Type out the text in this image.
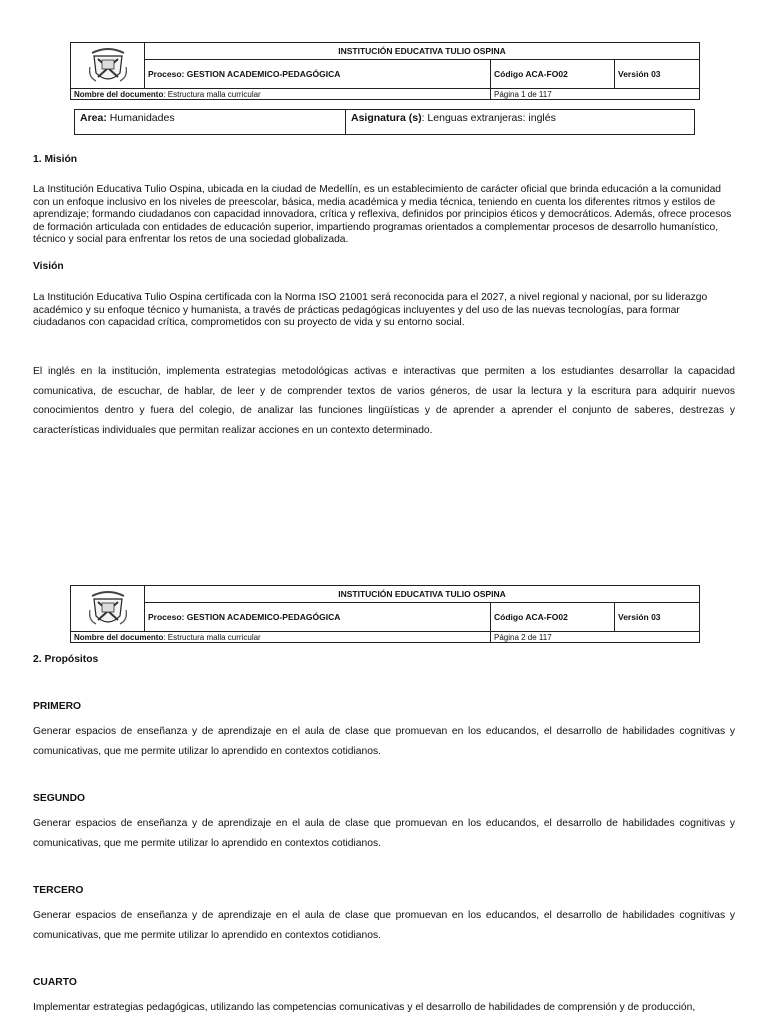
	INSTITUCIÓN EDUCATIVA TULIO OSPINA		
	Proceso: GESTION ACADEMICO-PEDAGÓGICA	Código ACA-FO02	Versión 03
Nombre del documento: Estructura malla curricular		Página 1 de 117	
Area: Humanidades	Asignatura (s): Lenguas extranjeras: inglés
1. Misión
La Institución Educativa Tulio Ospina, ubicada en la ciudad de Medellín, es un establecimiento de carácter oficial que brinda educación a la comunidad con un enfoque inclusivo en los niveles de preescolar, básica, media académica y media técnica, teniendo en cuenta los diferentes ritmos y estilos de aprendizaje; formando ciudadanos con capacidad innovadora, crítica y reflexiva, definidos por principios éticos y democráticos. Además, ofrece procesos de formación articulada con entidades de educación superior, impartiendo programas orientados a complementar procesos de desarrollo humanístico, técnico y social para enfrentar los retos de una sociedad globalizada.
Visión
La Institución Educativa Tulio Ospina certificada con la Norma ISO 21001 será reconocida para el 2027, a nivel regional y nacional, por su liderazgo académico y su enfoque técnico y humanista, a través de prácticas pedagógicas incluyentes y del uso de las nuevas tecnologías, para formar ciudadanos con capacidad crítica, comprometidos con su proyecto de vida y su entorno social.
El inglés en la institución, implementa estrategias metodológicas activas e interactivas que permiten a los estudiantes desarrollar la capacidad comunicativa, de escuchar, de hablar, de leer y de comprender textos de varios géneros, de usar la lectura y la escritura para adquirir nuevos conocimientos dentro y fuera del colegio, de analizar las funciones lingüísticas y de aprender a aprender el conjunto de saberes, destrezas y características individuales que permitan realizar acciones en un contexto determinado.
	INSTITUCIÓN EDUCATIVA TULIO OSPINA		
	Proceso: GESTION ACADEMICO-PEDAGÓGICA	Código ACA-FO02	Versión 03
Nombre del documento: Estructura malla curricular		Página 2 de 117	
2. Propósitos
PRIMERO
Generar espacios de enseñanza y de aprendizaje en el aula de clase que promuevan en los educandos, el desarrollo de habilidades cognitivas y comunicativas, que me permite utilizar lo aprendido en contextos cotidianos.
SEGUNDO
Generar espacios de enseñanza y de aprendizaje en el aula de clase que promuevan en los educandos, el desarrollo de habilidades cognitivas y comunicativas, que me permite utilizar lo aprendido en contextos cotidianos.
TERCERO
Generar espacios de enseñanza y de aprendizaje en el aula de clase que promuevan en los educandos, el desarrollo de habilidades cognitivas y comunicativas, que me permite utilizar lo aprendido en contextos cotidianos.
CUARTO
Implementar estrategias pedagógicas, utilizando las competencias comunicativas y el desarrollo de habilidades de comprensión y de producción,
